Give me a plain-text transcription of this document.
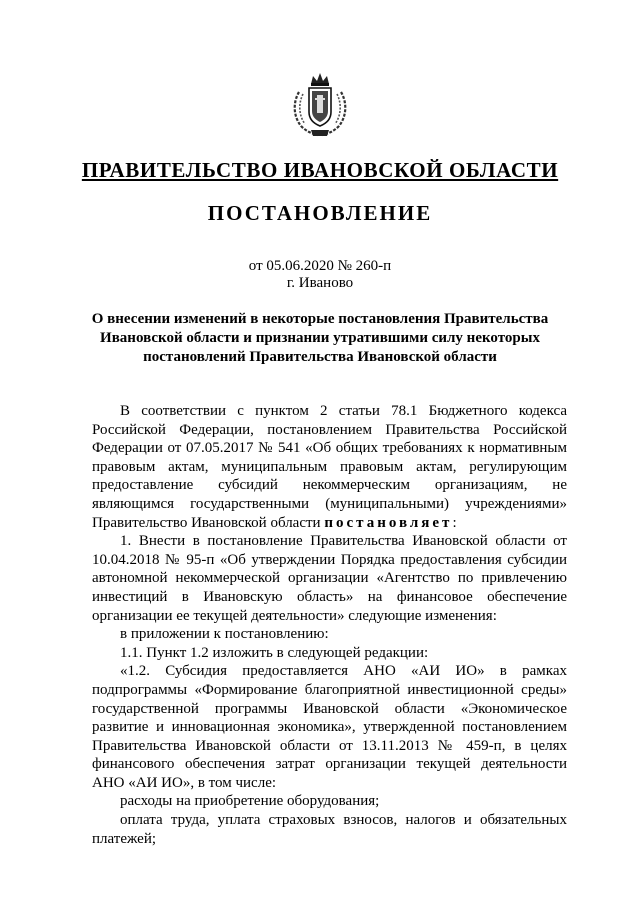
ПРАВИТЕЛЬСТВО ИВАНОВСКОЙ ОБЛАСТИ
ПОСТАНОВЛЕНИЕ
от 05.06.2020 № 260-п
г. Иваново
О внесении изменений в некоторые постановления Правительства Ивановской области и признании утратившими силу некоторых постановлений Правительства Ивановской области

В соответствии с пунктом 2 статьи 78.1 Бюджетного кодекса Российской Федерации, постановлением Правительства Российской Федерации от 07.05.2017 № 541 «Об общих требованиях к нормативным правовым актам, муниципальным правовым актам, регулирующим предоставление субсидий некоммерческим организациям, не являющимся государственными (муниципальными) учреждениями» Правительство Ивановской области постановляет:

1. Внести в постановление Правительства Ивановской области от 10.04.2018 № 95-п «Об утверждении Порядка предоставления субсидии автономной некоммерческой организации «Агентство по привлечению инвестиций в Ивановскую область» на финансовое обеспечение организации ее текущей деятельности» следующие изменения:

в приложении к постановлению:

1.1. Пункт 1.2 изложить в следующей редакции:

«1.2. Субсидия предоставляется АНО «АИ ИО» в рамках подпрограммы «Формирование благоприятной инвестиционной среды» государственной программы Ивановской области «Экономическое развитие и инновационная экономика», утвержденной постановлением Правительства Ивановской области от 13.11.2013 № 459-п, в целях финансового обеспечения затрат организации текущей деятельности АНО «АИ ИО», в том числе:

расходы на приобретение оборудования;

оплата труда, уплата страховых взносов, налогов и обязательных платежей;
